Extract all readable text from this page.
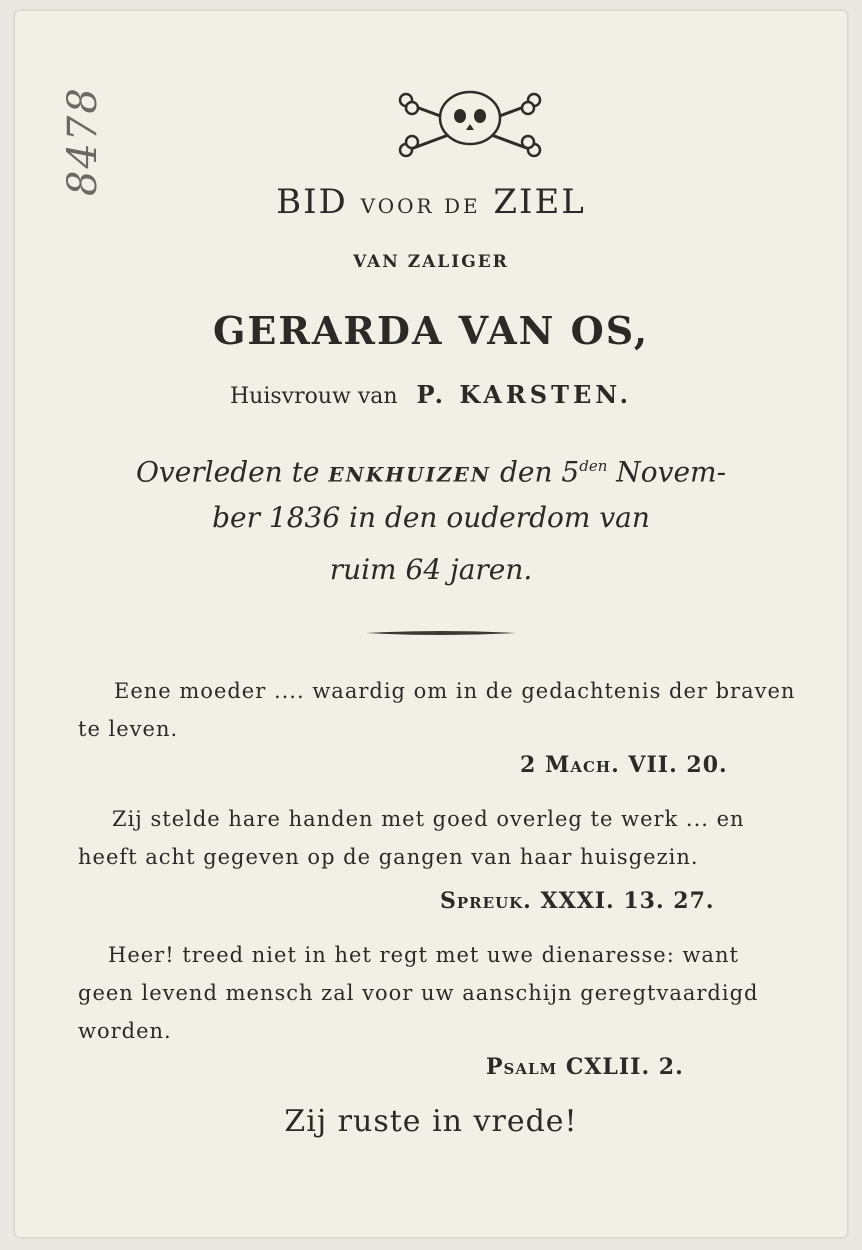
8478
BID VOOR DE ZIEL
VAN ZALIGER
GERARDA VAN OS,
Huisvrouw van P. KARSTEN.
Overleden te ENKHUIZEN den $5^{den}$ Novem-
ber 1836 in den ouderdom van
ruim 64 jaren.
Eene moeder .... waardig om in de gedachtenis der braven te leven.
2 Mach. VII. 20.
Zij stelde hare handen met goed overleg te werk ... en heeft acht gegeven op de gangen van haar huisgezin.
Spreuk. XXXI. 13. 27.
Heer! treed niet in het regt met uwe dienaresse: want geen levend mensch zal voor uw aanschijn geregtvaardigd worden.
Psalm CXLII. 2.
Zij ruste in vrede!
